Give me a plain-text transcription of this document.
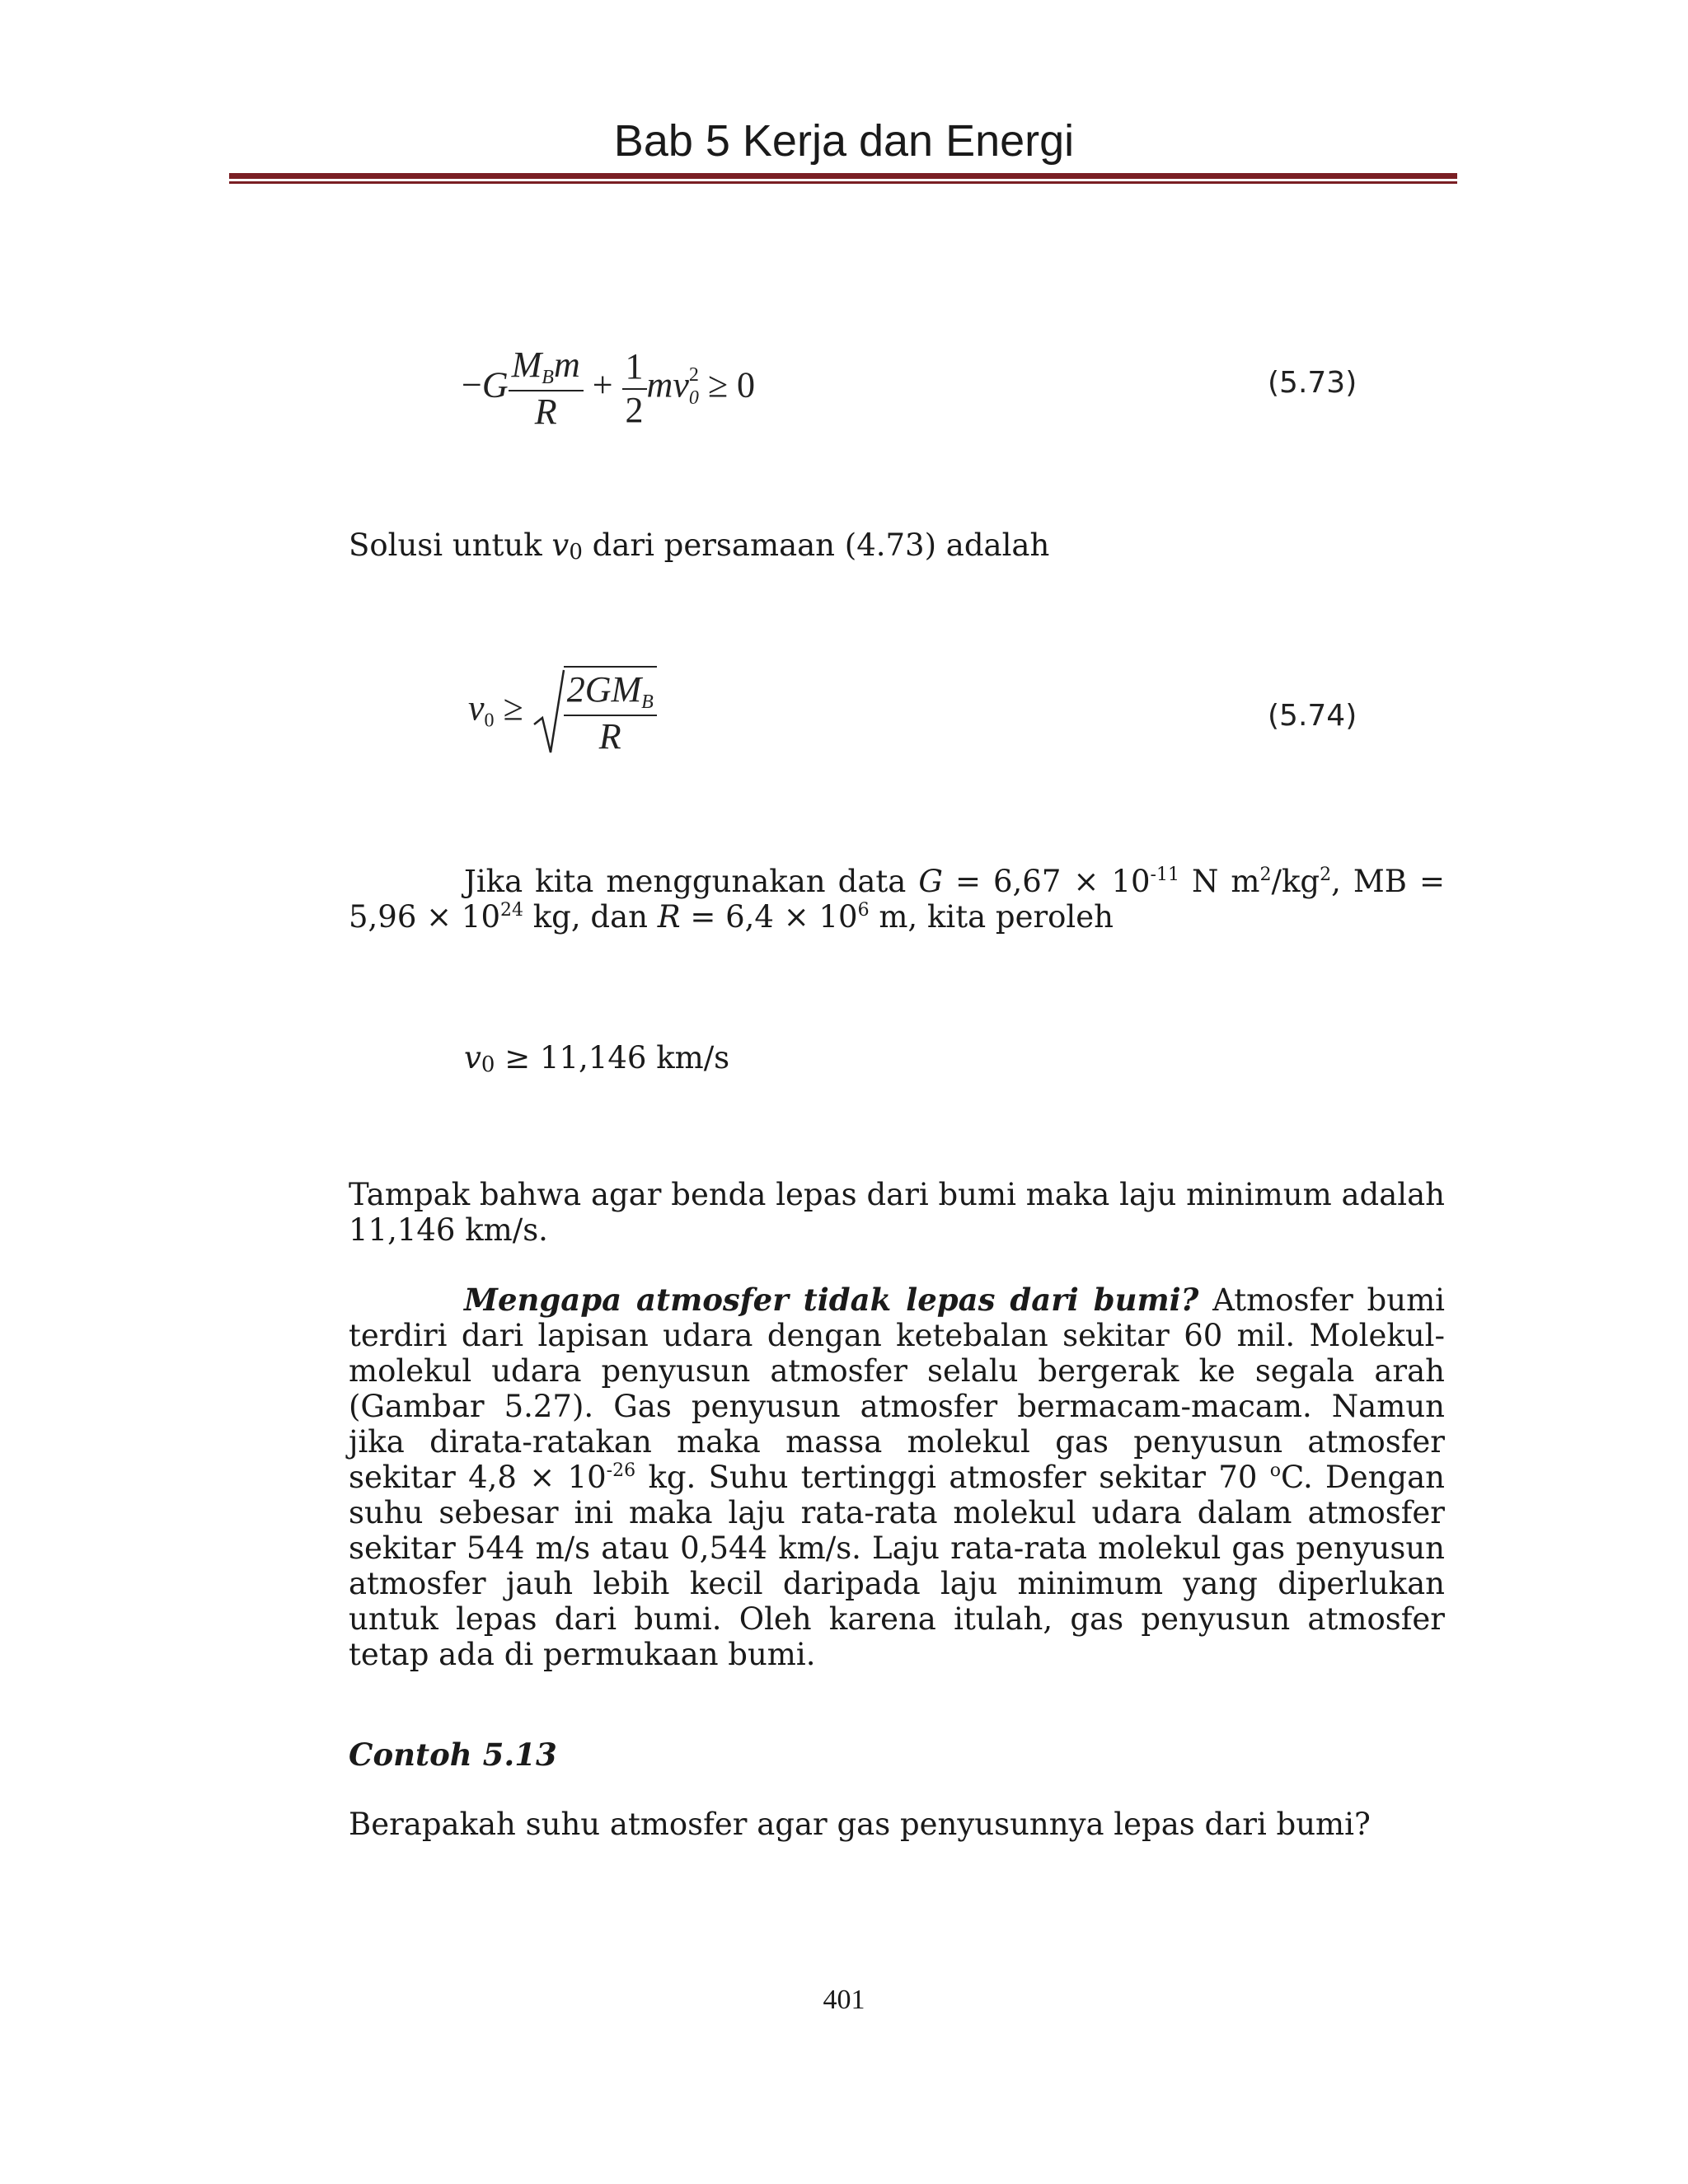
Bab 5 Kerja dan Energi
$-G \frac{M_Bm}{R} + \frac{1}{2}$ mv $_{2 0}$ ≥ 0	(5.73)
Solusi untuk v0 dari persamaan (4.73) adalah
$v_0 \ge \frac{2GM_B}{R}$	(5.74)
Jika kita menggunakan data $G = 6,67 \times 10^{-11}$ N $m^2/kg^2$, MB = $5,96 \times 10^{24}$ kg, dan $R = 6,4 \times 10^6$ m, kita peroleh
v0 ≥ 11,146 km/s
Tampak bahwa agar benda lepas dari bumi maka laju minimum adalah 11,146 km/s.
Mengapa atmosfer tidak lepas dari bumi? Atmosfer bumi terdiri dari lapisan udara dengan ketebalan sekitar 60 mil. Molekul-molekul udara penyusun atmosfer selalu bergerak ke segala arah (Gambar 5.27). Gas penyusun atmosfer bermacam-macam. Namun jika dirata-ratakan maka massa molekul gas penyusun atmosfer sekitar $4,8 \times 10^{-26}$ kg. Suhu tertinggi atmosfer sekitar 70 $^o$C. Dengan suhu sebesar ini maka laju rata-rata molekul udara dalam atmosfer sekitar 544 m/s atau 0,544 km/s. Laju rata-rata molekul gas penyusun atmosfer jauh lebih kecil daripada laju minimum yang diperlukan untuk lepas dari bumi. Oleh karena itulah, gas penyusun atmosfer tetap ada di permukaan bumi.
Contoh 5.13
Berapakah suhu atmosfer agar gas penyusunnya lepas dari bumi?
401
